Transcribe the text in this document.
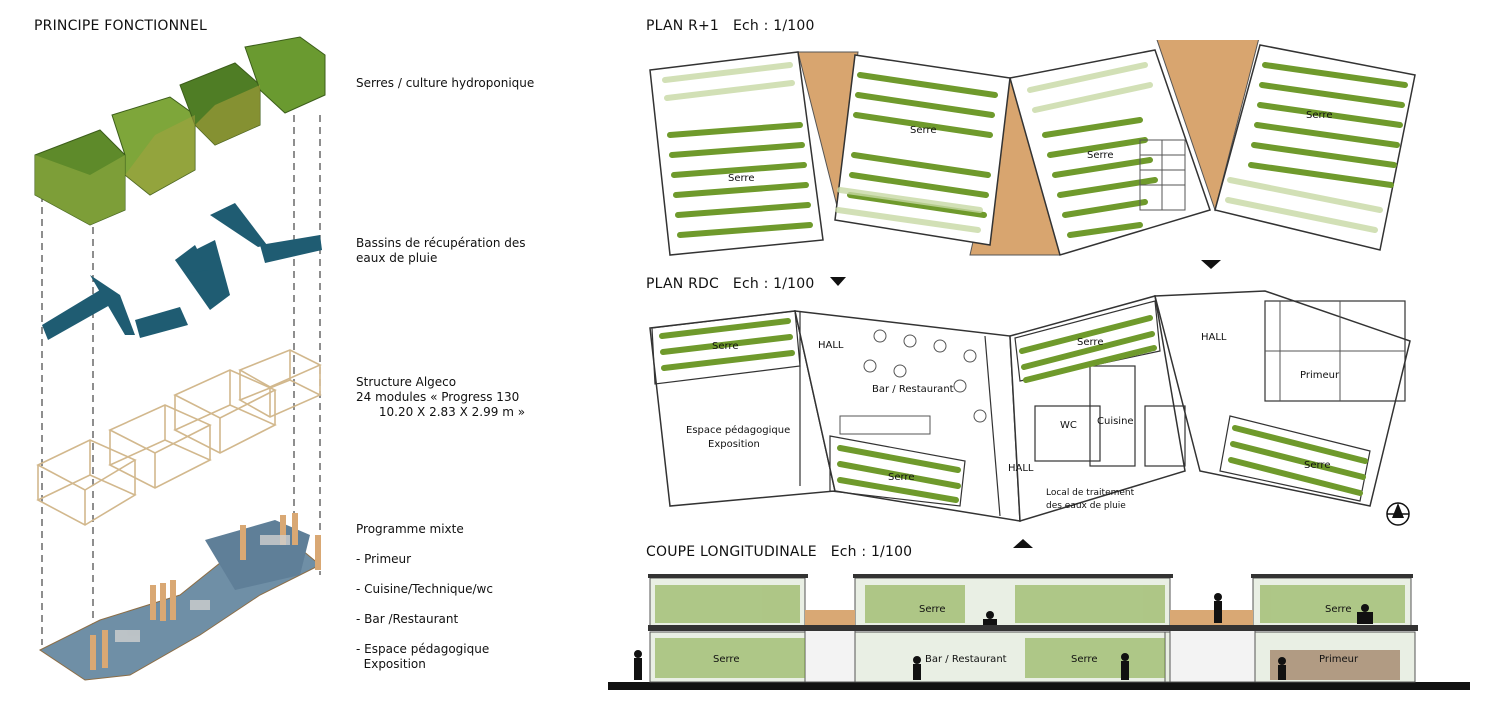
PRINCIPE FONCTIONNEL
Serres / culture hydroponique
Bassins de récupération des
eaux de pluie
Structure Algeco
24 modules « Progress 130
10.20 X 2.83 X 2.99 m »
Programme mixte
- Primeur
- Cuisine/Technique/wc
- Bar /Restaurant
- Espace pédagogique
Exposition
PLAN R+1   Ech : 1/100
Serre
Serre
Serre
Serre
PLAN RDC   Ech : 1/100
Serre	HALL
Bar / Restaurant
Espace pédagogique
Exposition
Serre
HALL
Serre
WC Cuisine
Local de traitement
des eaux de pluie
HALL
Primeur
Serre
COUPE LONGITUDINALE   Ech : 1/100
Serre	Serre
Serre	Bar / Restaurant	Serre	Primeur
